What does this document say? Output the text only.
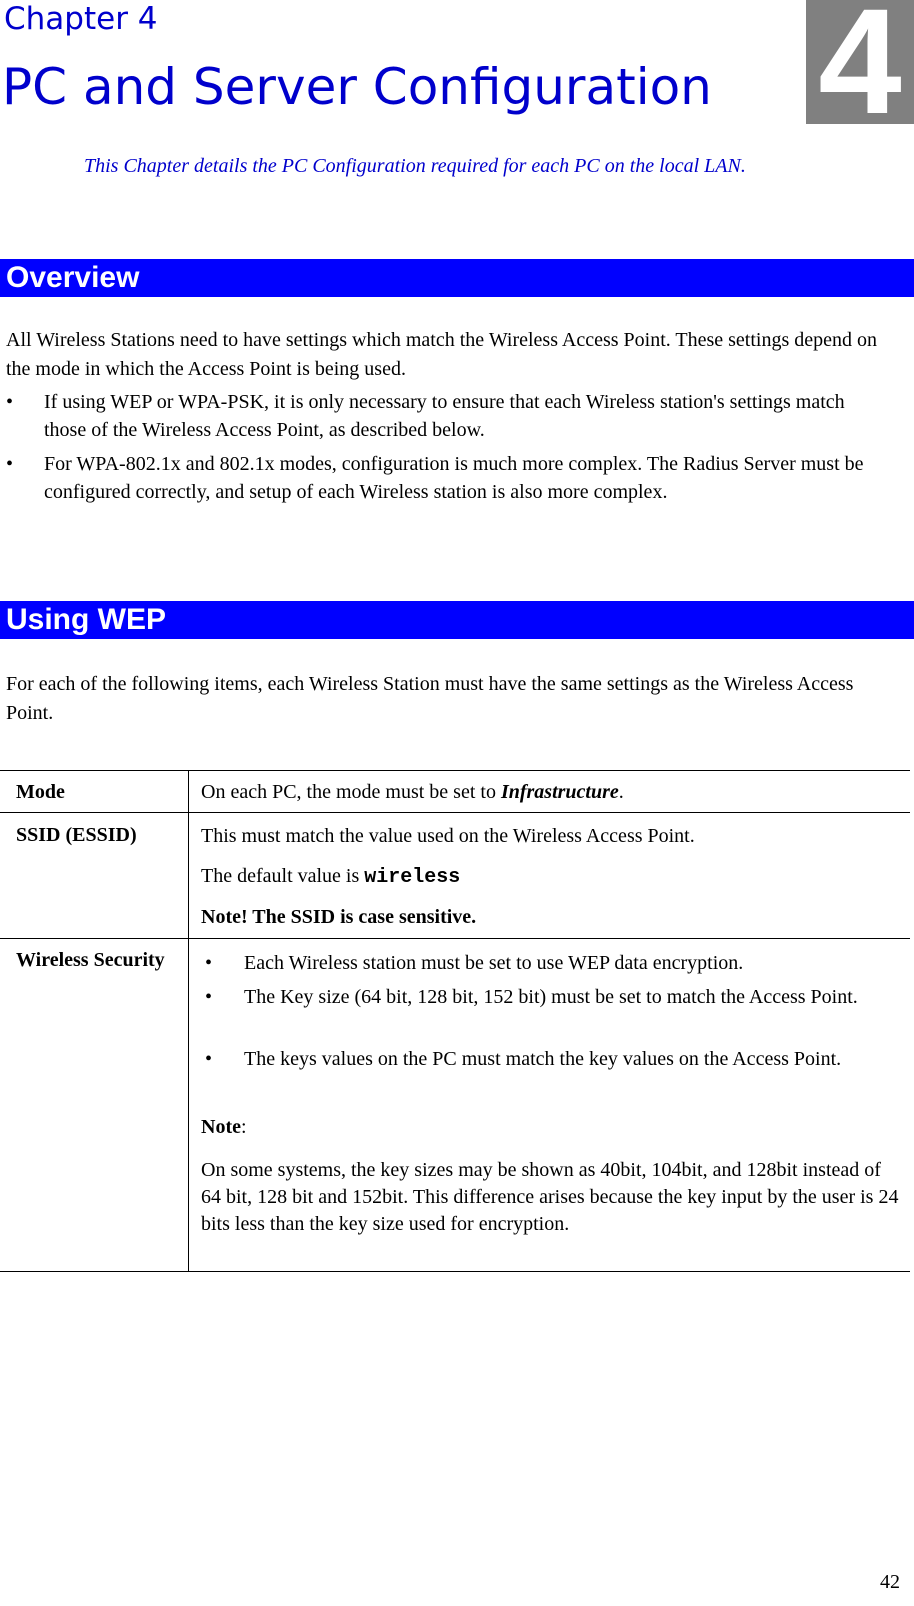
Chapter 4
PC and Server Configuration 4
This Chapter details the PC Configuration required for each PC on the local LAN.
Overview
All Wireless Stations need to have settings which match the Wireless Access Point. These settings depend on the mode in which the Access Point is being used.
• If using WEP or WPA-PSK, it is only necessary to ensure that each Wireless station's settings match those of the Wireless Access Point, as described below.
• For WPA-802.1x and 802.1x modes, configuration is much more complex. The Radius Server must be configured correctly, and setup of each Wireless station is also more complex.
Using WEP
For each of the following items, each Wireless Station must have the same settings as the Wireless Access Point.
Mode	On each PC, the mode must be set to Infrastructure.
SSID (ESSID)	This must match the value used on the Wireless Access Point.
The default value is wireless
Note! The SSID is case sensitive.
Wireless Security	• Each Wireless station must be set to use WEP data encryption.
• The Key size (64 bit, 128 bit, 152 bit) must be set to match the Access Point.
• The keys values on the PC must match the key values on the Access Point.
Note:
On some systems, the key sizes may be shown as 40bit, 104bit, and 128bit instead of 64 bit, 128 bit and 152bit. This difference arises because the key input by the user is 24 bits less than the key size used for encryption.
42
